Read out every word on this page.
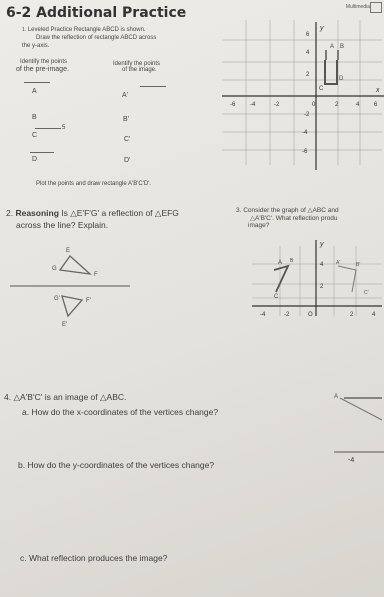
6-2 Additional Practice	Multimedia
1. Leveled Practice Rectangle ABCD is shown.
Draw the reflection of rectangle ABCD across
the y-axis.
Identify the points
of the pre-image.
Identify the points
of the image.
A
A'
B	B'
5
C
C'
D	D'
Plot the points and draw rectangle A'B'C'D'.
A B
C
D
y
x
6
4
2
-2
-4
-6
-6 -4	-2	0	2	4 6
2. Reasoning Is △E'F'G' a reflection of △EFG
across the line? Explain.
E
G
F
G'	F'
E'
3. Consider the graph of △ABC and
△A'B'C'. What reflection produ
image?
y
A B	A'	B'
C
C'
4
2
-4	-2	O	2	4
4. △A'B'C' is an image of △ABC.
a. How do the x-coordinates of the vertices change?
b. How do the y-coordinates of the vertices change?
c. What reflection produces the image?
A
-4
